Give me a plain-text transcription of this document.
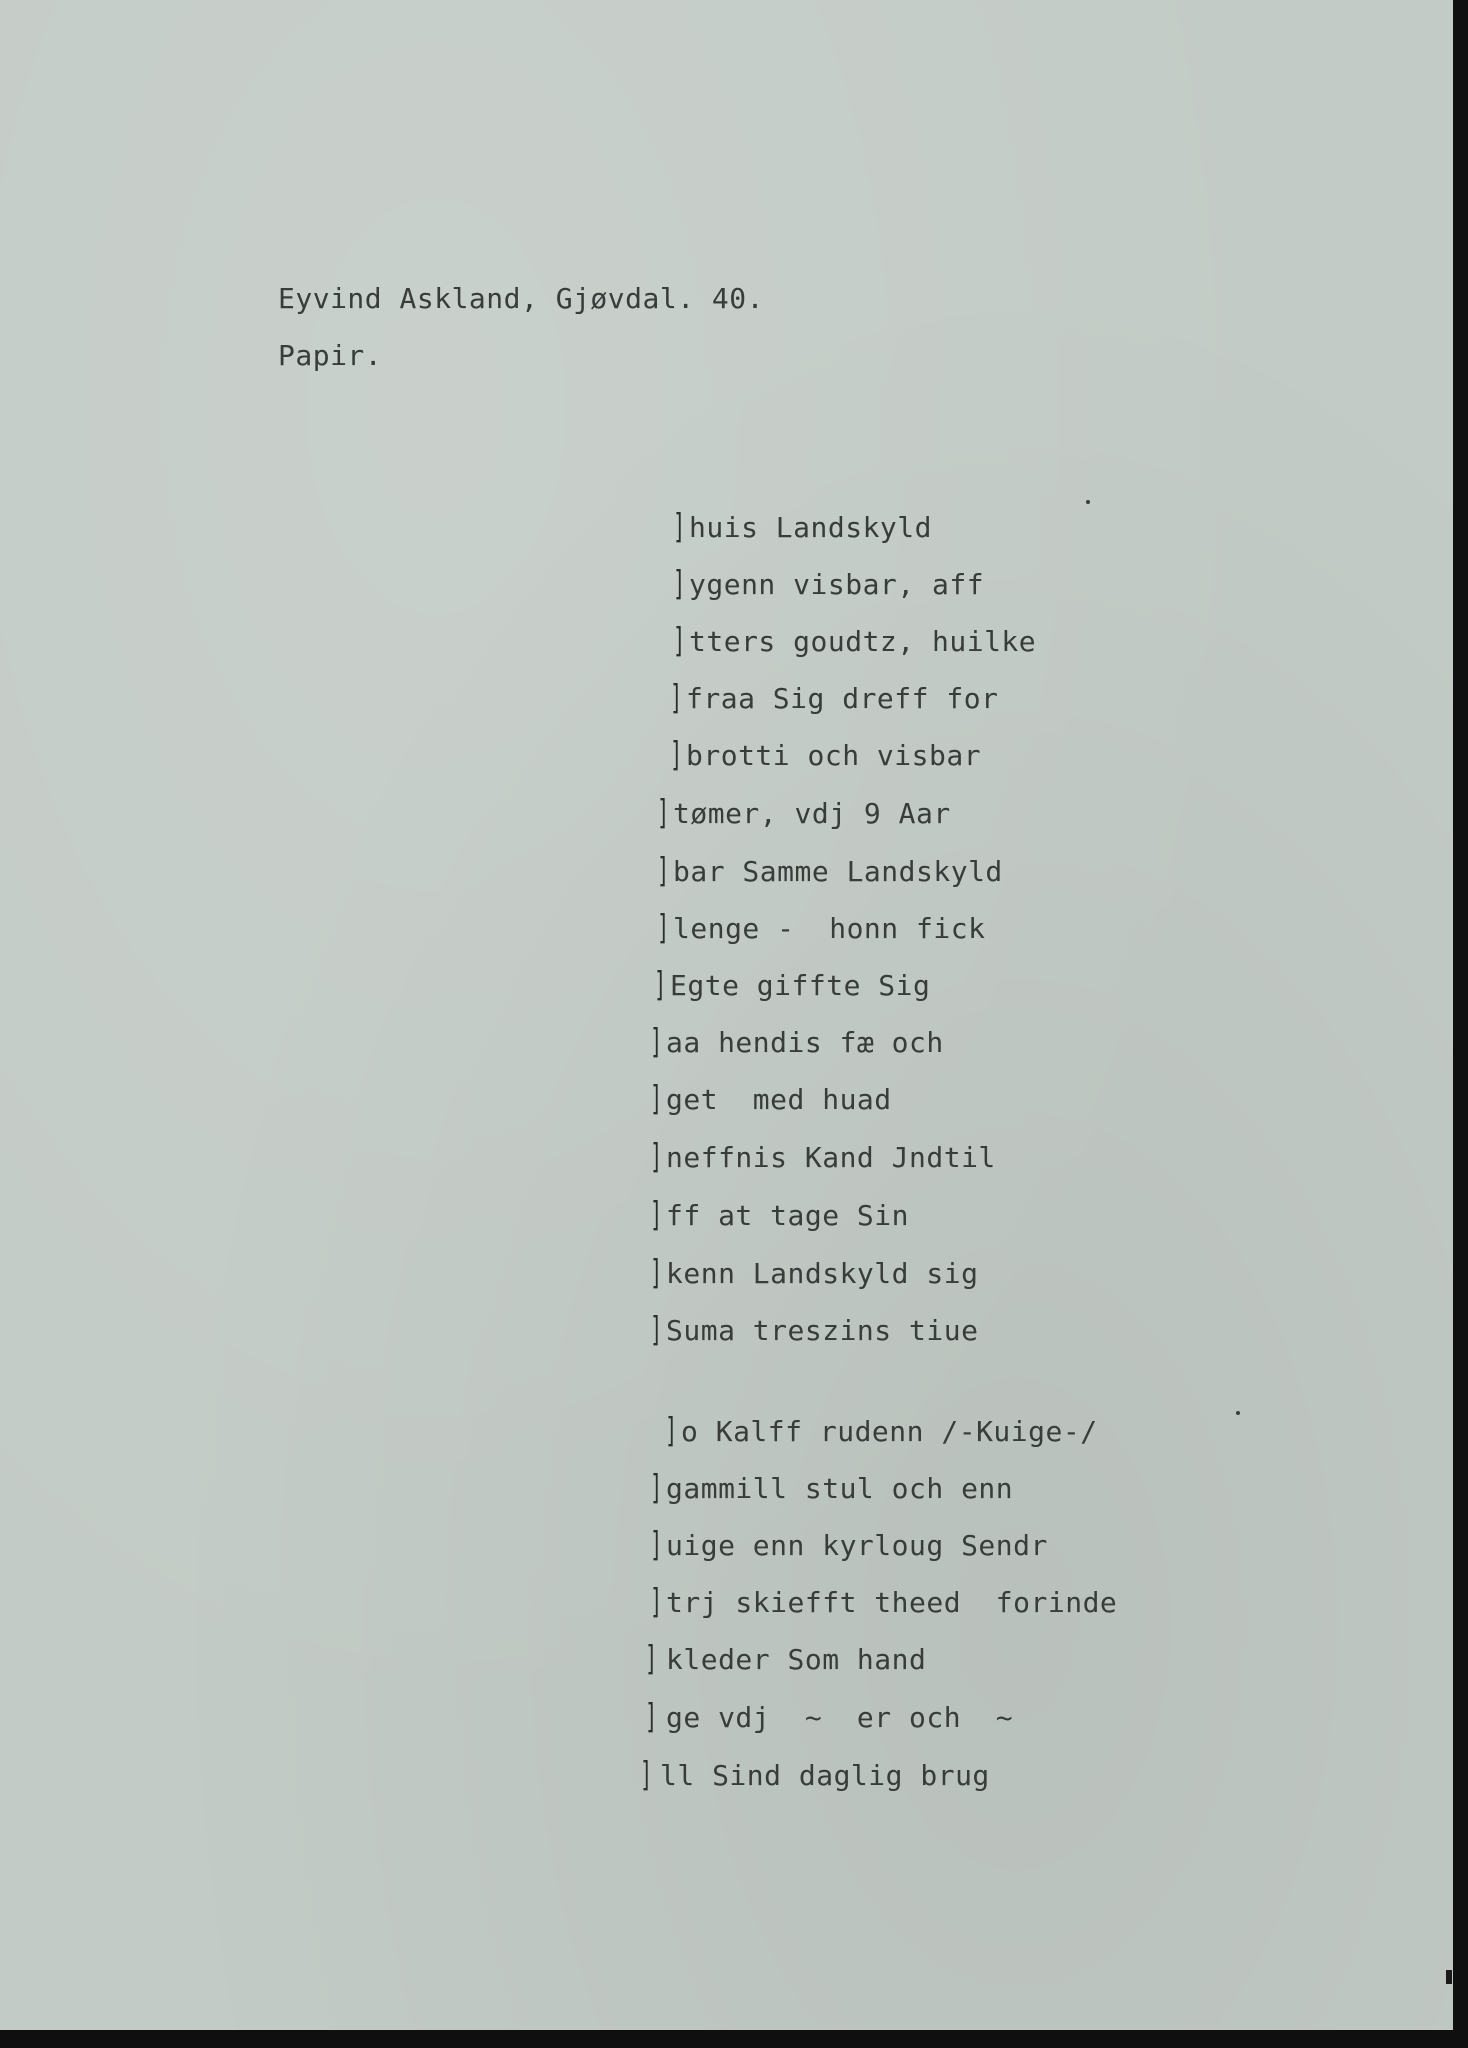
Eyvind Askland, Gjøvdal. 40.
Papir.
] huis Landskyld
] ygenn visbar, aff
] tters goudtz, huilke
] fraa Sig dreff for
] brotti och visbar
] tømer, vdj 9 Aar
] bar Samme Landskyld
] lenge -  honn fick
] Egte giffte Sig
] aa hendis fæ och
] get  med huad
] neffnis Kand Jndtil
] ff at tage Sin
] kenn Landskyld sig
] Suma treszins tiue
] o Kalff rudenn /-Kuige-/
] gammill stul och enn
] uige enn kyrloug Sendr
] trj skiefft theed  forinde
] kleder Som hand
] ge vdj  ~  er och  ~
] ll Sind daglig brug
